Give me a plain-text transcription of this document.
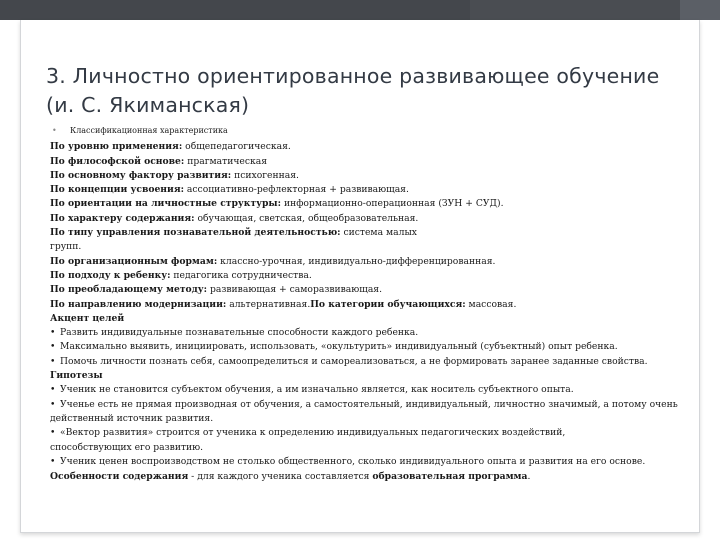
3. Личностно ориентированное развивающее обучение (и. С. Якиманская)
• Классификационная характеристика
По уровню применения: общепедагогическая.
По философской основе: прагматическая
По основному фактору развития: психогенная.
По концепции усвоения: ассоциативно-рефлекторная + развивающая.
По ориентации на личностные структуры: информационно-операционная (ЗУН + СУД).
По характеру содержания: обучающая, светская, общеобразовательная.
По типу управления познавательной деятельностью: система малых групп.
По организационным формам: классно-урочная, индивидуально-дифференцированная.
По подходу к ребенку: педагогика сотрудничества.
По преобладающему методу: развивающая + саморазвивающая.
По направлению модернизации: альтернативная.По категории обучающихся: массовая.
Акцент целей
• Развить индивидуальные познавательные способности каждого ребенка.
• Максимально выявить, инициировать, использовать, «окультурить» индивидуальный (субъектный) опыт ребенка.
• Помочь личности познать себя, самоопределиться и самореализоваться, а не формировать заранее заданные свойства.
Гипотезы
• Ученик не становится субъектом обучения, а им изначально является, как носитель субъектного опыта.
• Ученье есть не прямая производная от обучения, а самостоятельный, индивидуальный, личностно значимый, а потому очень действенный источник развития.
• «Вектор развития» строится от ученика к определению индивидуальных педагогических воздействий, способствующих его развитию.
• Ученик ценен воспроизводством не столько общественного, сколько индивидуального опыта и развития на его основе.
Особенности содержания - для каждого ученика составляется образовательная программа.
